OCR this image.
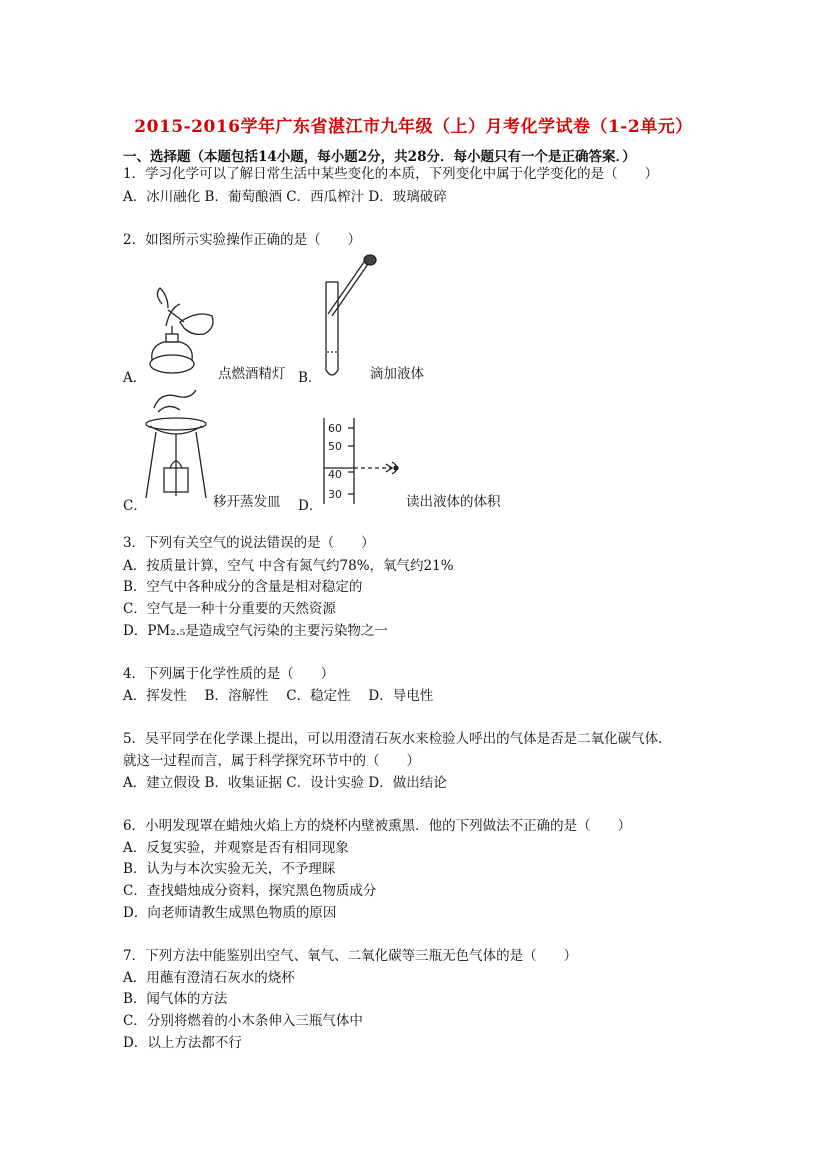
2015-2016学年广东省湛江市九年级（上）月考化学试卷（1-2单元）
一、选择题（本题包括14小题，每小题2分，共28分．每小题只有一个是正确答案．）
1．学习化学可以了解日常生活中某些变化的本质，下列变化中属于化学变化的是（　　）
A．冰川融化 B．葡萄酿酒 C．西瓜榨汁 D．玻璃破碎
2．如图所示实验操作正确的是（　　）
A．	点燃酒精灯 B．	滴加液体
C．	移开蒸发皿
60
50
40
30
D．	读出液体的体积
3．下列有关空气的说法错误的是（　　）
A．按质量计算，空气 中含有氮气约78%，氧气约21%
B．空气中各种成分的含量是相对稳定的
C．空气是一种十分重要的天然资源
D．PM₂.₅是造成空气污染的主要污染物之一
4．下列属于化学性质的是（　　）
A．挥发性　 B．溶解性　 C．稳定性　 D．导电性
5．吴平同学在化学课上提出，可以用澄清石灰水来检验人呼出的气体是否是二氧化碳气体．
就这一过程而言，属于科学探究环节中的（　　）
A．建立假设 B．收集证据 C．设计实验 D．做出结论
6．小明发现罩在蜡烛火焰上方的烧杯内壁被熏黑．他的下列做法不正确的是（　　）
A．反复实验，并观察是否有相同现象
B．认为与本次实验无关，不予理睬
C．查找蜡烛成分资料，探究黑色物质成分
D．向老师请教生成黑色物质的原因
7．下列方法中能鉴别出空气、氧气、二氧化碳等三瓶无色气体的是（　　）
A．用蘸有澄清石灰水的烧杯
B．闻气体的方法
C．分别将燃着的小木条伸入三瓶气体中
D．以上方法都不行
